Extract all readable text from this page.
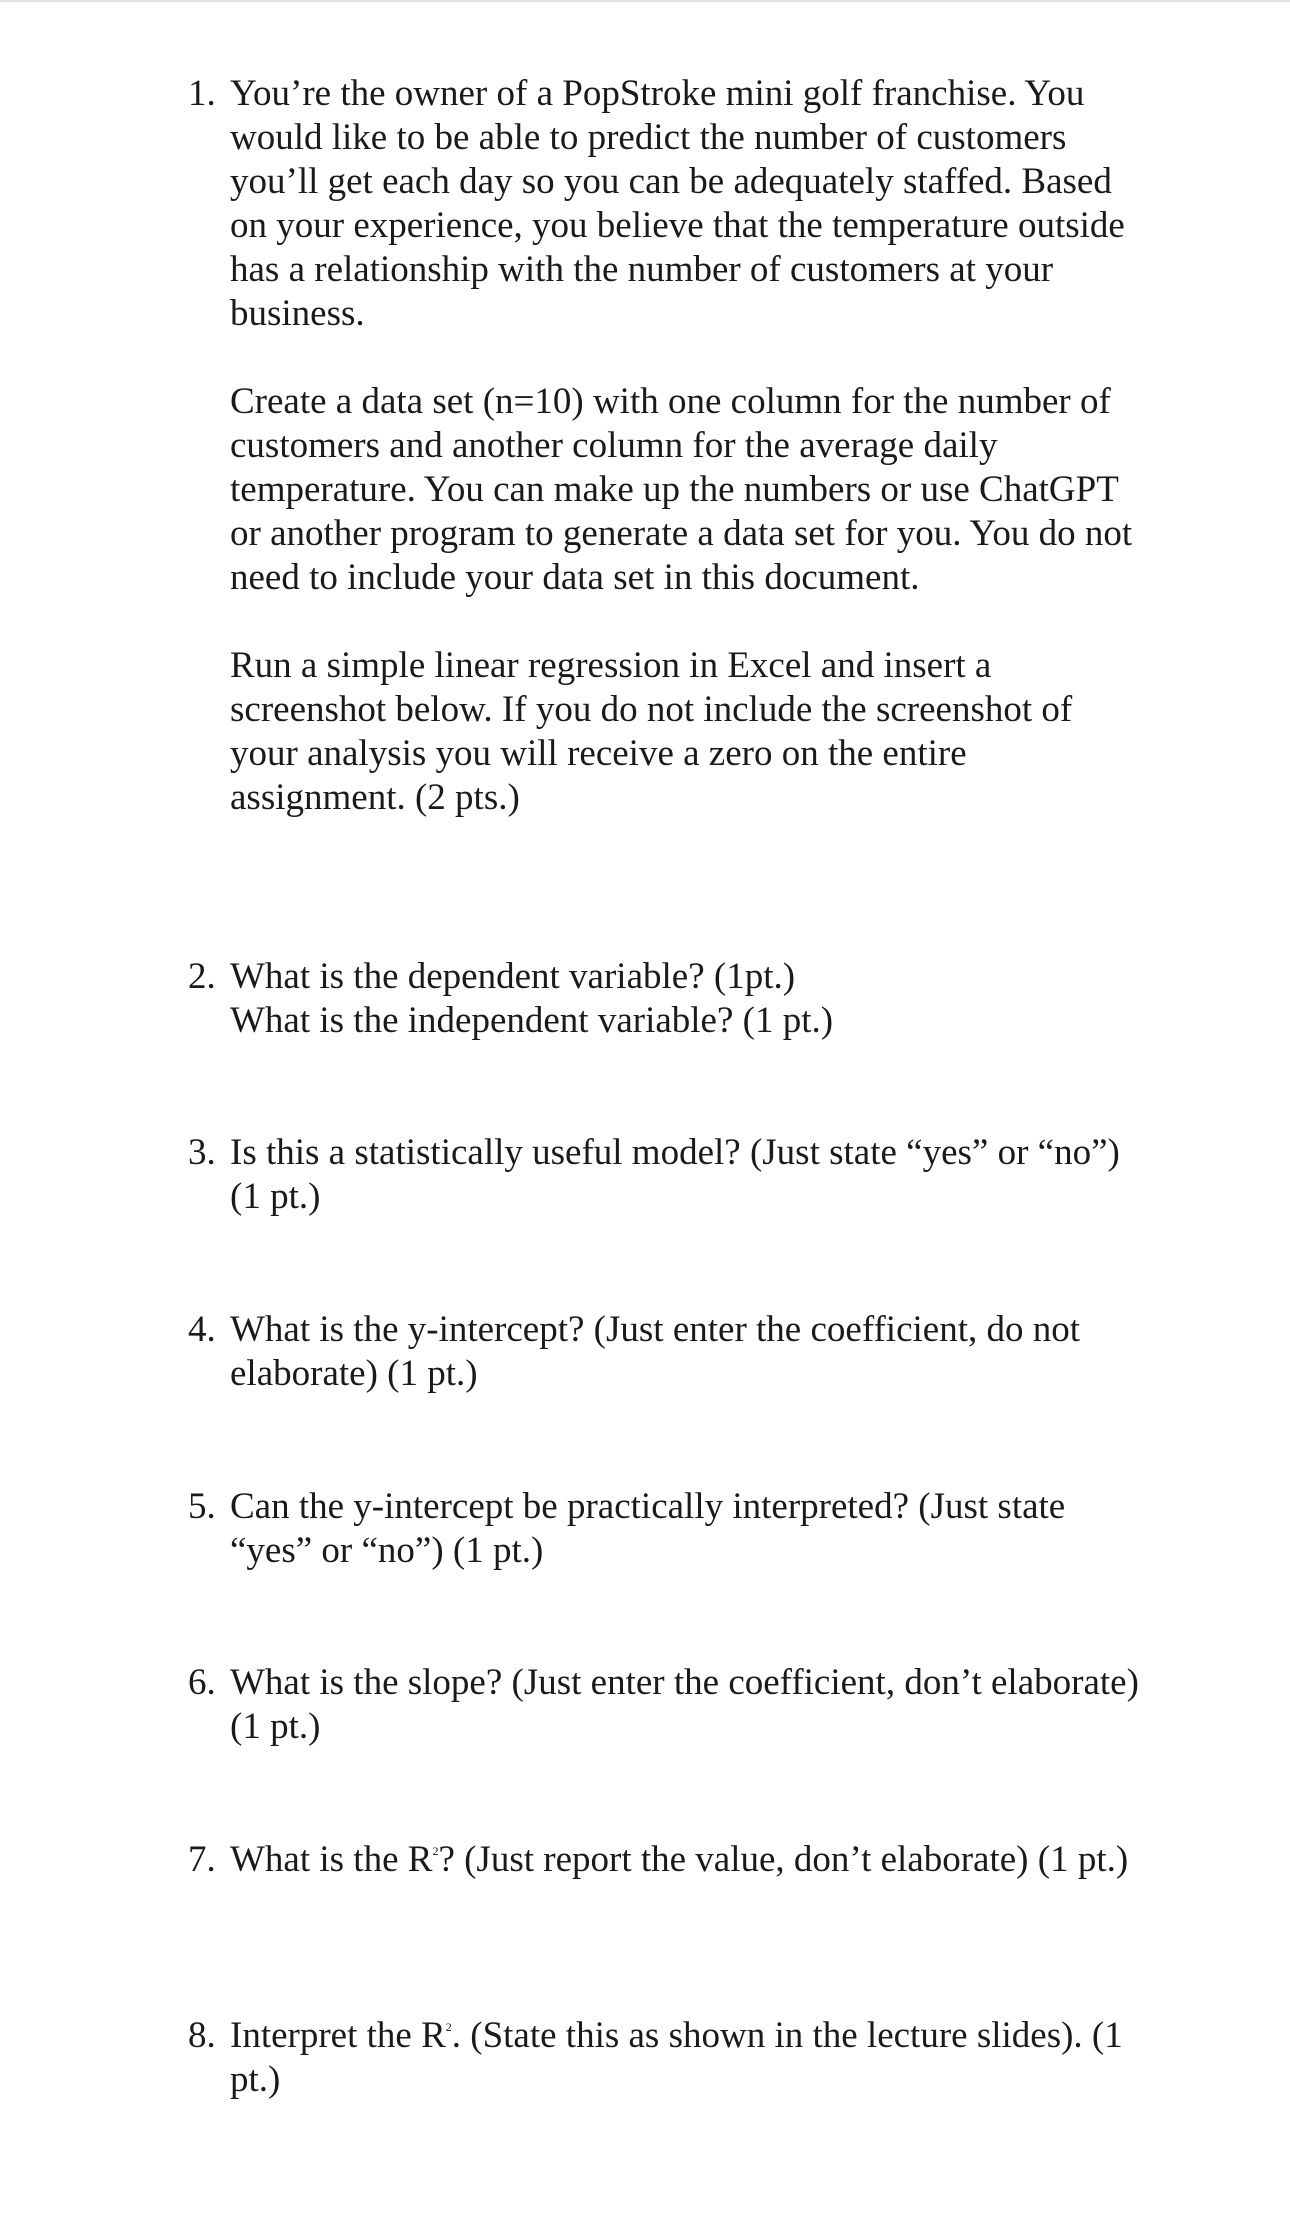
1. You’re the owner of a PopStroke mini golf franchise. You would like to be able to predict the number of customers you’ll get each day so you can be adequately staffed. Based on your experience, you believe that the temperature outside has a relationship with the number of customers at your business.

Create a data set (n=10) with one column for the number of customers and another column for the average daily temperature. You can make up the numbers or use ChatGPT or another program to generate a data set for you. You do not need to include your data set in this document.

Run a simple linear regression in Excel and insert a screenshot below. If you do not include the screenshot of your analysis you will receive a zero on the entire assignment. (2 pts.)

2. What is the dependent variable? (1pt.)
What is the independent variable? (1 pt.)
3. Is this a statistically useful model? (Just state “yes” or “no”) (1 pt.)
4. What is the y-intercept? (Just enter the coefficient, do not elaborate) (1 pt.)
5. Can the y-intercept be practically interpreted? (Just state “yes” or “no”) (1 pt.)
6. What is the slope? (Just enter the coefficient, don’t elaborate) (1 pt.)
7. What is the $R^2$? (Just report the value, don’t elaborate) (1 pt.)
8. Interpret the $R^2$. (State this as shown in the lecture slides). (1 pt.)
